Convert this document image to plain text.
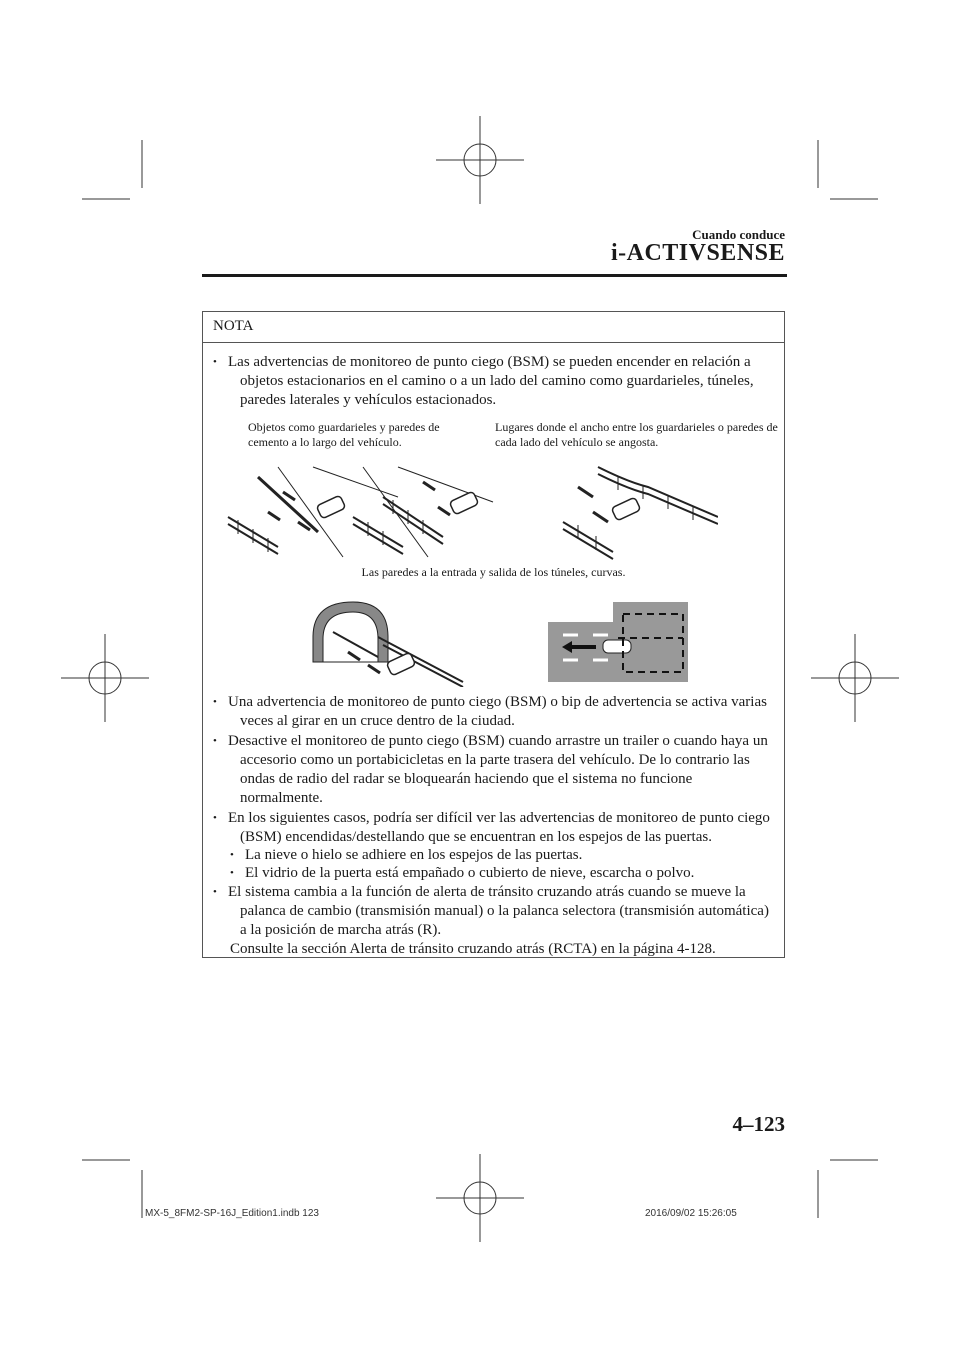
Cuando conduce
i-ACTIVSENSE
NOTA
• Las advertencias de monitoreo de punto ciego (BSM) se pueden encender en relación a objetos estacionarios en el camino o a un lado del camino como guardarieles, túneles, paredes laterales y vehículos estacionados.
Objetos como guardarieles y paredes de cemento a lo largo del vehículo.
Lugares donde el ancho entre los guardarieles o paredes de cada lado del vehículo se angosta.
Las paredes a la entrada y salida de los túneles, curvas.
• Una advertencia de monitoreo de punto ciego (BSM) o bip de advertencia se activa varias veces al girar en un cruce dentro de la ciudad.
• Desactive el monitoreo de punto ciego (BSM) cuando arrastre un trailer o cuando haya un accesorio como un portabicicletas en la parte trasera del vehículo. De lo contrario las ondas de radio del radar se bloquearán haciendo que el sistema no funcione normalmente.
• En los siguientes casos, podría ser difícil ver las advertencias de monitoreo de punto ciego (BSM) encendidas/destellando que se encuentran en los espejos de las puertas.
• La nieve o hielo se adhiere en los espejos de las puertas.
• El vidrio de la puerta está empañado o cubierto de nieve, escarcha o polvo.
• El sistema cambia a la función de alerta de tránsito cruzando atrás cuando se mueve la palanca de cambio (transmisión manual) o la palanca selectora (transmisión automática) a la posición de marcha atrás (R).
Consulte la sección Alerta de tránsito cruzando atrás (RCTA) en la página 4-128.
4–123
MX-5_8FM2-SP-16J_Edition1.indb 123	2016/09/02 15:26:05
